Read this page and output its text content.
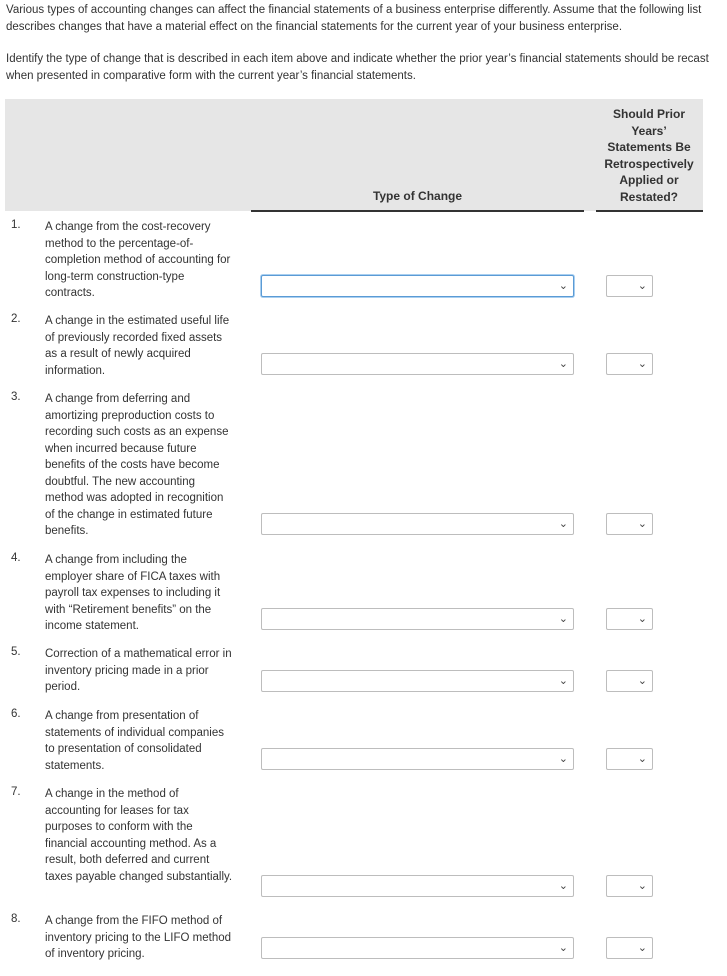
Various types of accounting changes can affect the financial statements of a business enterprise differently. Assume that the following list describes changes that have a material effect on the financial statements for the current year of your business enterprise.
Identify the type of change that is described in each item above and indicate whether the prior year’s financial statements should be recast when presented in comparative form with the current year’s financial statements.
Type of Change
Should Prior
Years’
Statements Be
Retrospectively
Applied or
Restated?
1. A change from the cost-recovery method to the percentage-of-completion method of accounting for long-term construction-type contracts.
⌄	⌄
2. A change in the estimated useful life of previously recorded fixed assets as a result of newly acquired information.
⌄	⌄
3. A change from deferring and amortizing preproduction costs to recording such costs as an expense when incurred because future benefits of the costs have become doubtful. The new accounting method was adopted in recognition of the change in estimated future benefits.
⌄	⌄
4. A change from including the employer share of FICA taxes with payroll tax expenses to including it with “Retirement benefits” on the income statement.
⌄	⌄
5. Correction of a mathematical error in inventory pricing made in a prior period.	⌄	⌄
6. A change from presentation of statements of individual companies to presentation of consolidated statements.
⌄	⌄
7. A change in the method of accounting for leases for tax purposes to conform with the financial accounting method. As a result, both deferred and current taxes payable changed substantially.
⌄	⌄
8. A change from the FIFO method of inventory pricing to the LIFO method of inventory pricing.	⌄	⌄
